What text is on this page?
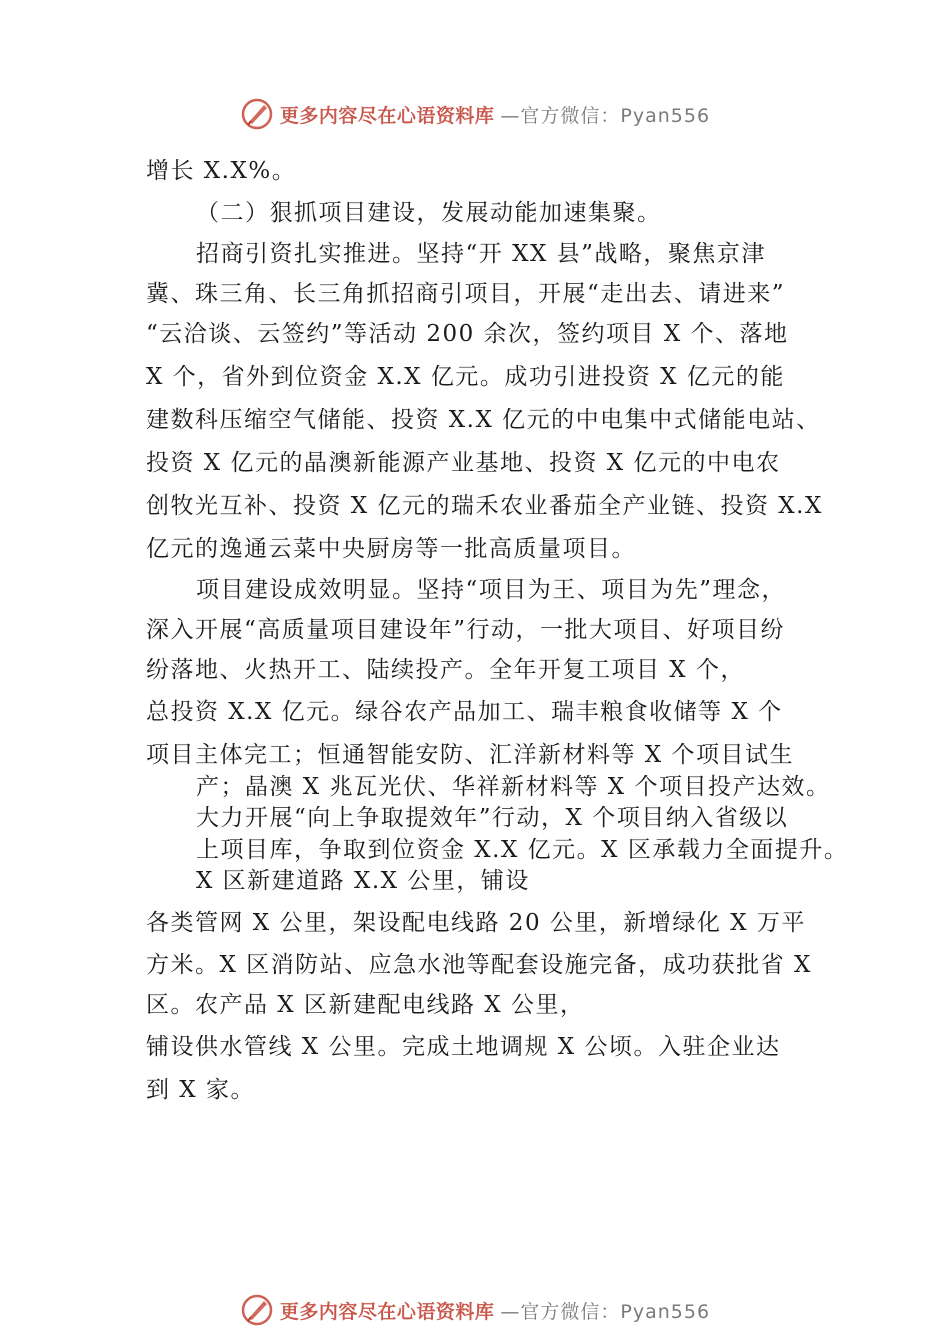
更多内容尽在心语资料库 —官方微信：Pyan556
增长 X.X%。
（二）狠抓项目建设，发展动能加速集聚。
招商引资扎实推进。坚持“开 XX 县”战略，聚焦京津
冀、珠三角、长三角抓招商引项目，开展“走出去、请进来”
“云洽谈、云签约”等活动 200 余次，签约项目 X 个、落地
X 个，省外到位资金 X.X 亿元。成功引进投资 X 亿元的能
建数科压缩空气储能、投资 X.X 亿元的中电集中式储能电站、
投资 X 亿元的晶澳新能源产业基地、投资 X 亿元的中电农
创牧光互补、投资 X 亿元的瑞禾农业番茄全产业链、投资 X.X
亿元的逸通云菜中央厨房等一批高质量项目。
项目建设成效明显。坚持“项目为王、项目为先”理念，
深入开展“高质量项目建设年”行动，一批大项目、好项目纷
纷落地、火热开工、陆续投产。全年开复工项目 X 个，
总投资 X.X 亿元。绿谷农产品加工、瑞丰粮食收储等 X 个
项目主体完工；恒通智能安防、汇洋新材料等 X 个项目试生
产；晶澳 X 兆瓦光伏、华祥新材料等 X 个项目投产达效。
大力开展“向上争取提效年”行动，X 个项目纳入省级以
上项目库，争取到位资金 X.X 亿元。X 区承载力全面提升。
X 区新建道路 X.X 公里，铺设
各类管网 X 公里，架设配电线路 20 公里，新增绿化 X 万平
方米。X 区消防站、应急水池等配套设施完备，成功获批省 X
区。农产品 X 区新建配电线路 X 公里，
铺设供水管线 X 公里。完成土地调规 X 公顷。入驻企业达
到 X 家。
更多内容尽在心语资料库 —官方微信：Pyan556
